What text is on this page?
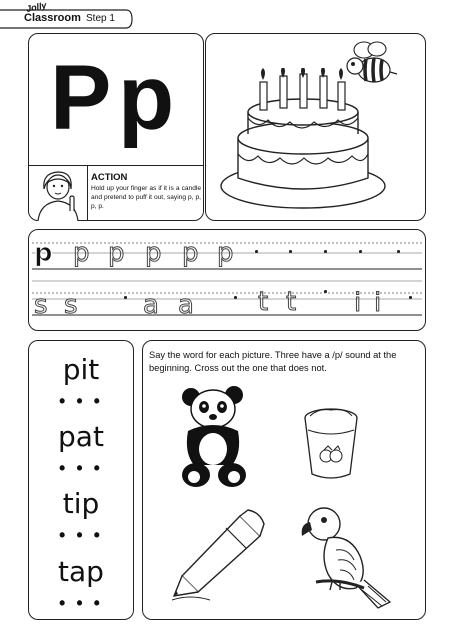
Jolly
Classroom Step 1
P p
ACTION

Hold up your finger as if it is a candle and pretend to puff it out, saying p, p, p, p.

p p p p p p
s s	a a t t i i
pit
• • •
pat
• • •
tip
• • •
tap
• • •

Say the word for each picture. Three have a /p/ sound at the beginning. Cross out the one that does not.
